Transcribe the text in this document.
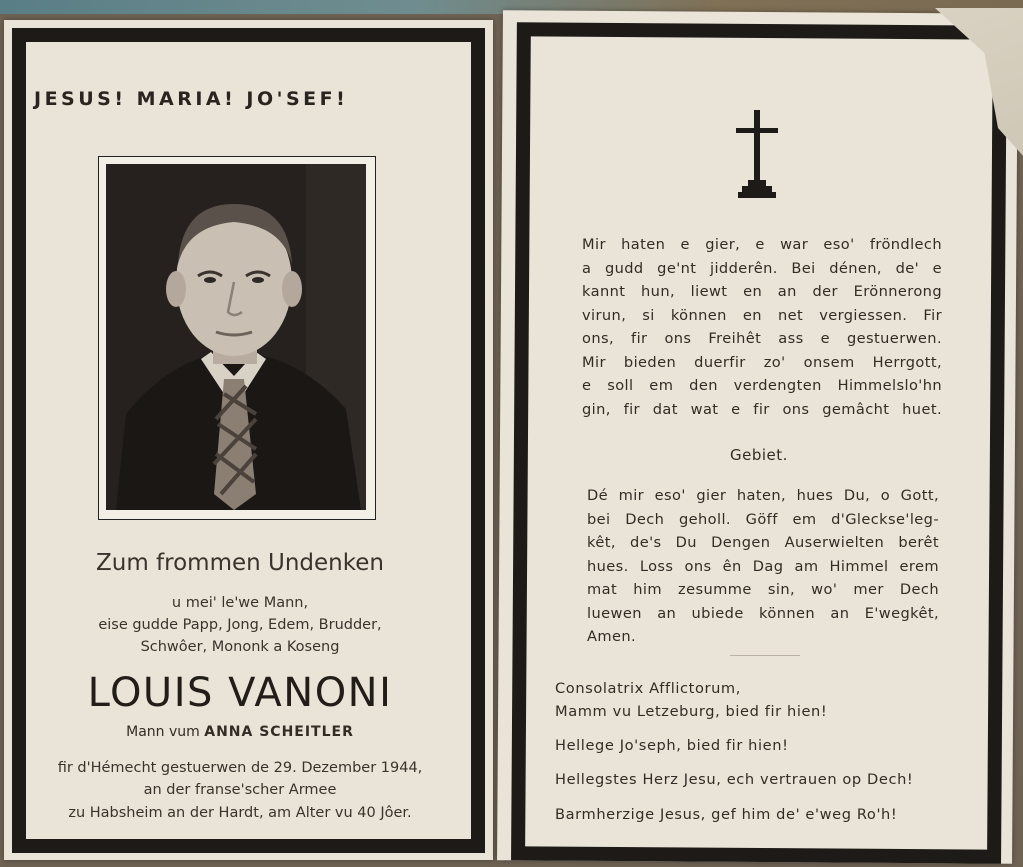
JESUS! MARIA! JO'SEF!
Zum frommen Undenken
u mei' le'we Mann,
eise gudde Papp, Jong, Edem, Brudder,
Schwôer, Mononk a Koseng
LOUIS VANONI
Mann vum ANNA SCHEITLER
fir d'Hémecht gestuerwen de 29. Dezember 1944,
an der franse'scher Armee
zu Habsheim an der Hardt, am Alter vu 40 Jôer.
Mir haten e gier, e war eso' fröndlech
a gudd ge'nt jidderên. Bei dénen, de' e
kannt hun, liewt en an der Erönnerong
virun, si können en net vergiessen. Fir
ons, fir ons Freihêt ass e gestuerwen.
Mir bieden duerfir zo' onsem Herrgott,
e soll em den verdengten Himmelslo'hn
gin, fir dat wat e fir ons gemâcht huet.
Gebiet.
Dé mir eso' gier haten, hues Du, o Gott,
bei Dech geholl. Göff em d'Gleckse'leg-
kêt, de's Du Dengen Auserwielten berêt
hues. Loss ons ên Dag am Himmel erem
mat him zesumme sin, wo' mer Dech
luewen an ubiede können an E'wegkêt,
Amen.
Consolatrix Afflictorum,
Mamm vu Letzeburg, bied fir hien!
Hellege Jo'seph, bied fir hien!
Hellegstes Herz Jesu, ech vertrauen op Dech!
Barmherzige Jesus, gef him de' e'weg Ro'h!
